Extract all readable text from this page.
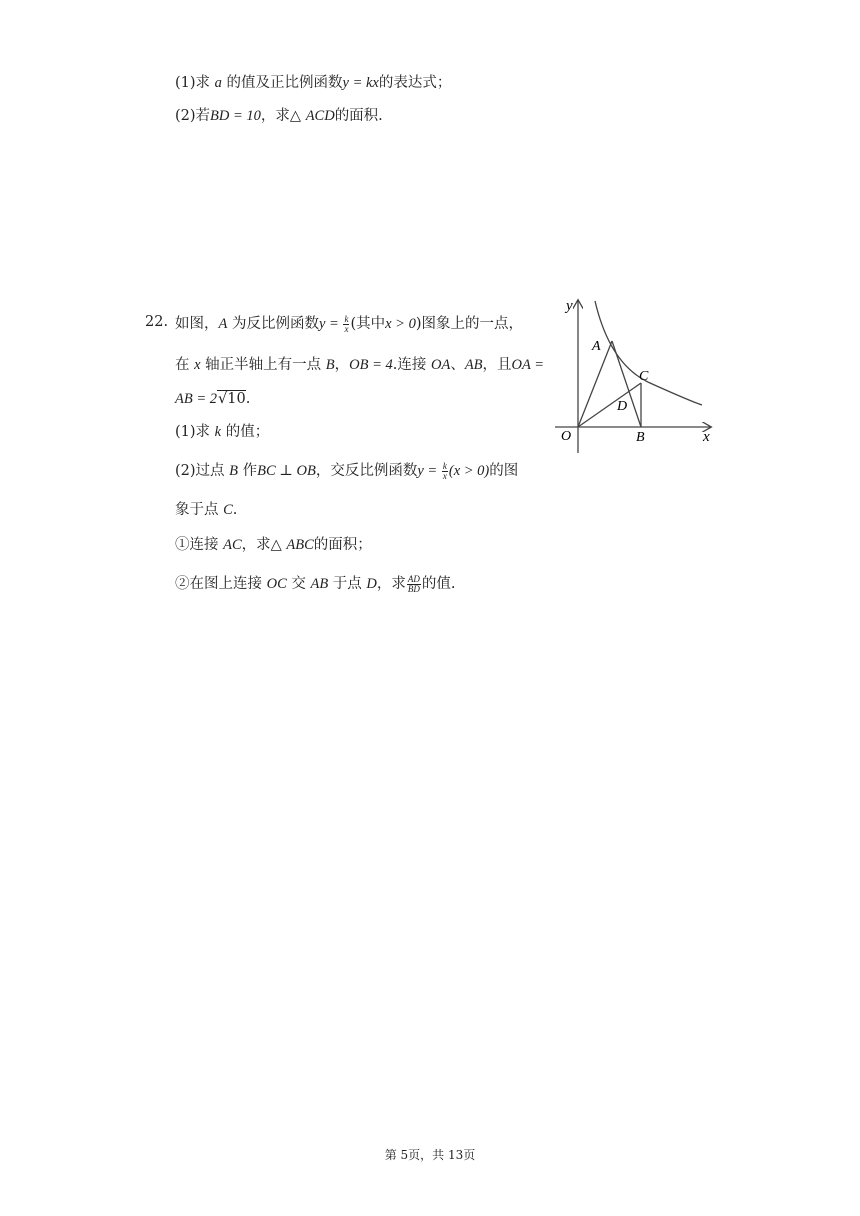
(1)求 a 的值及正比例函数y = kx的表达式；
(2)若BD = 10，求△ ACD的面积.
22. 如图，A 为反比例函数$y = \frac{k}{x}$ (其中x > 0)图象上的一点，
在 x 轴正半轴上有一点 B，OB = 4.连接 OA、AB，且OA =
AB = 2√10.
(1)求 k 的值；
(2)过点 B 作BC ⊥ OB，交反比例函数$y = \frac{k}{x} (x > 0)$的图
象于点 C.
①连接 AC，求△ ABC的面积；
②在图上连接 OC 交 AB 于点 D，求 $\frac{AD}{BD}$ 的值.
y
x
O
A
B
C
D
第 5页，共 13页
